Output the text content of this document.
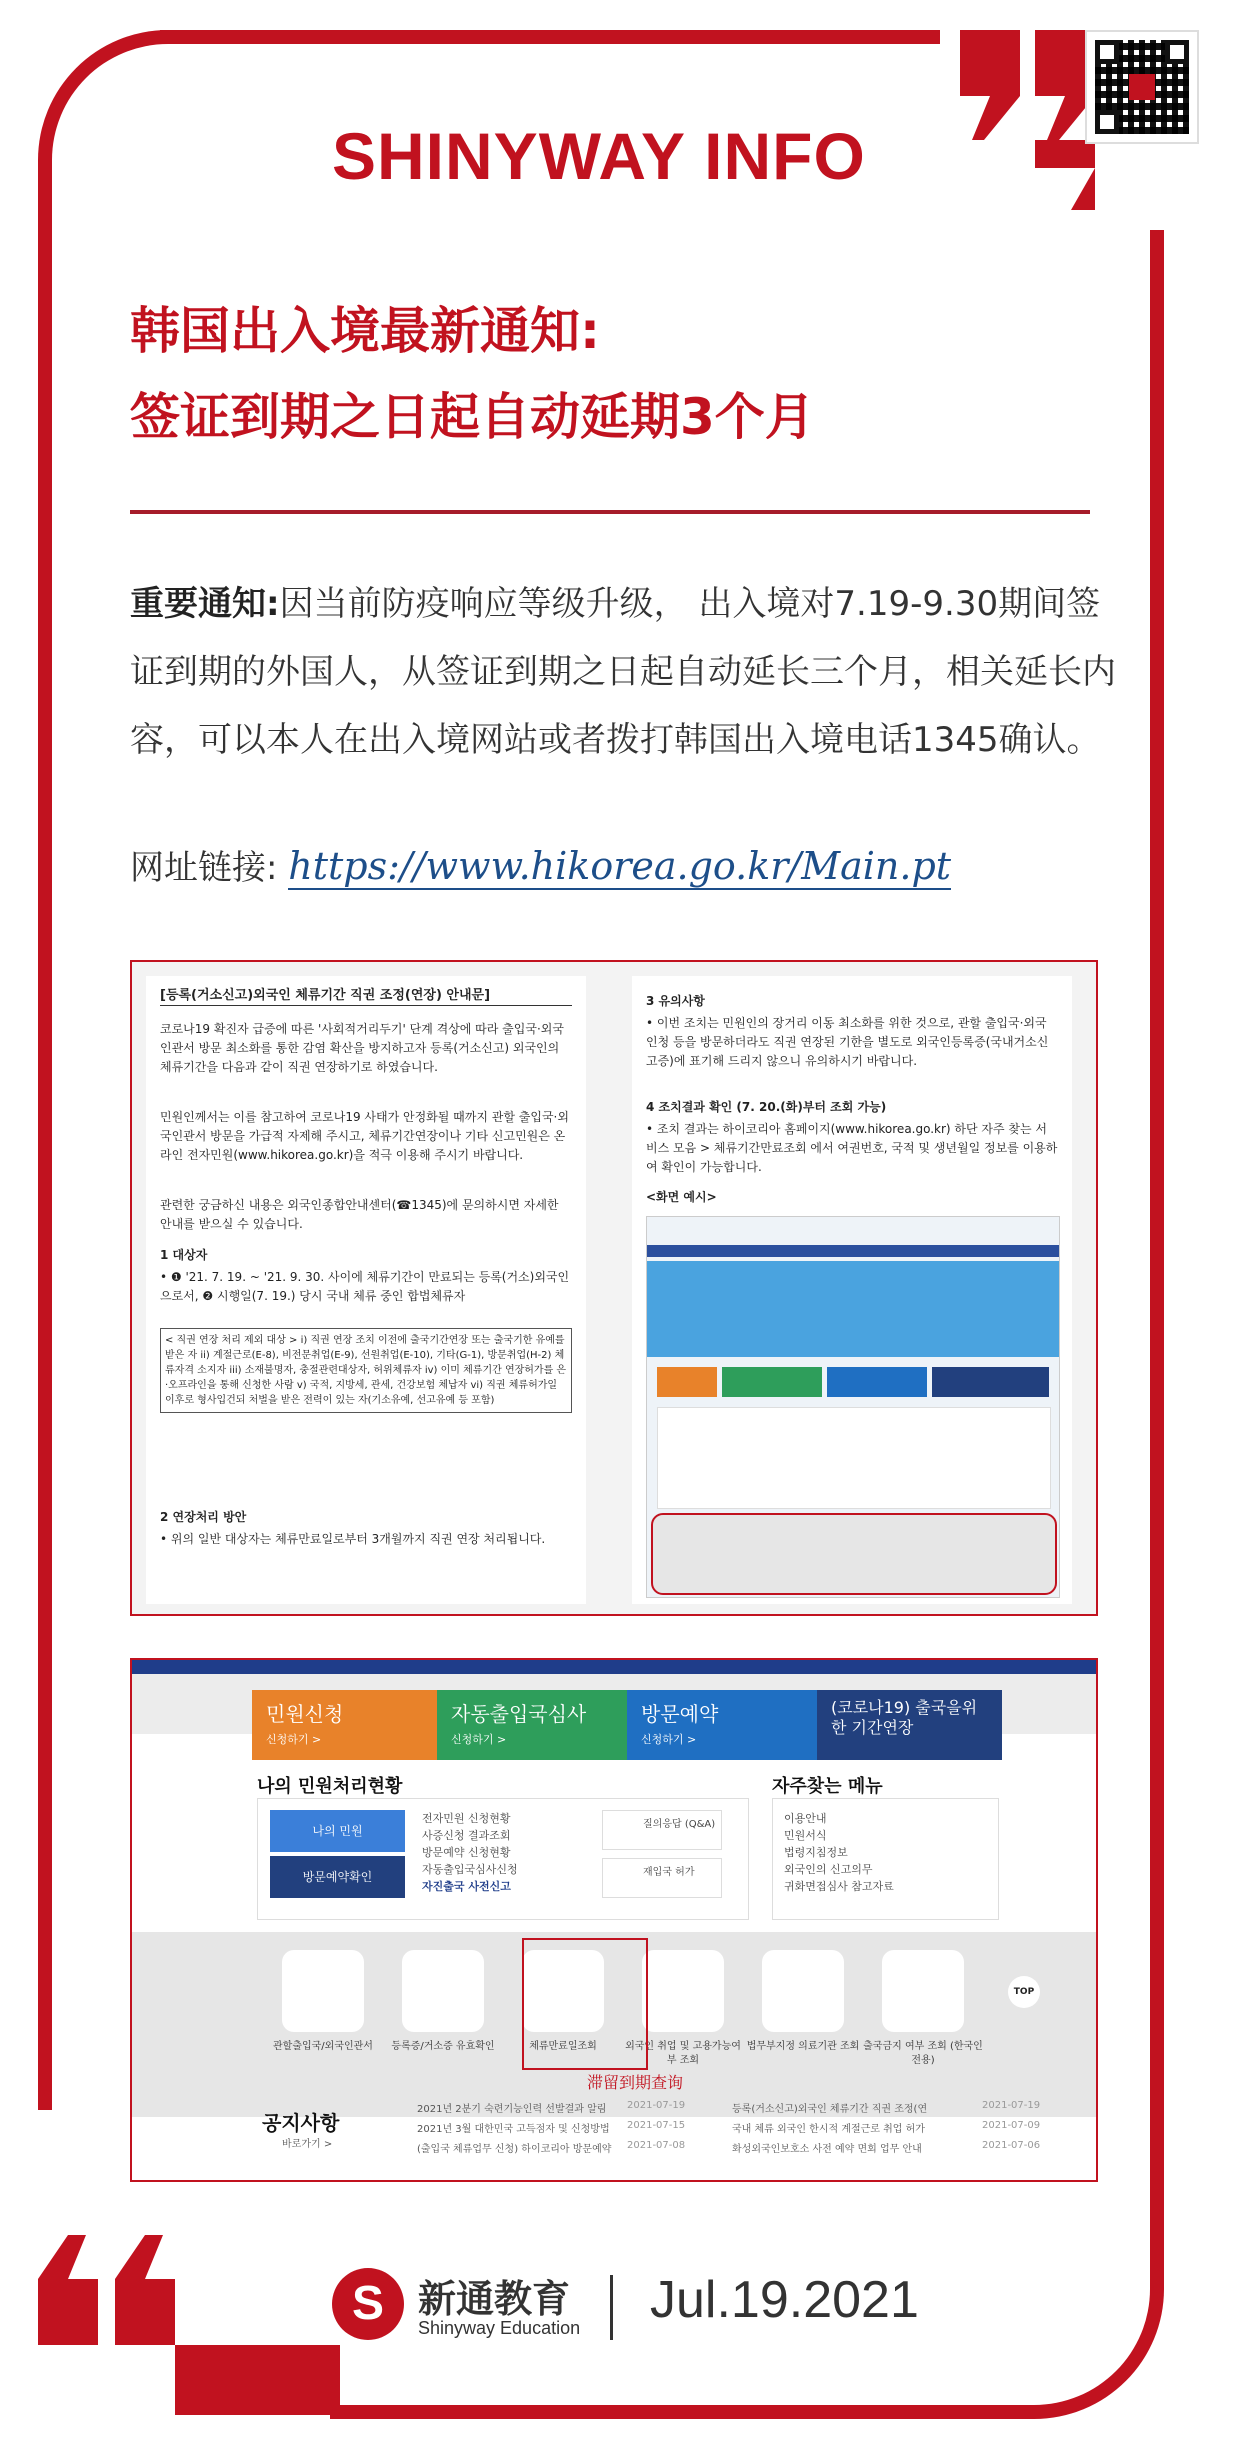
SHINYWAY INFO
韩国出入境最新通知:
签证到期之日起自动延期3个月
重要通知:因当前防疫响应等级升级， 出入境对7.19-9.30期间签证到期的外国人，从签证到期之日起自动延长三个月，相关延长内容，可以本人在出入境网站或者拨打韩国出入境电话1345确认。
网址链接: https://www.hikorea.go.kr/Main.pt
[등록(거소신고)외국인 체류기간 직권 조정(연장) 안내문]
코로나19 확진자 급증에 따른 '사회적거리두기' 단계 격상에 따라 출입국·외국인관서 방문 최소화를 통한 감염 확산을 방지하고자 등록(거소신고) 외국인의 체류기간을 다음과 같이 직권 연장하기로 하였습니다.
민원인께서는 이를 참고하여 코로나19 사태가 안정화될 때까지 관할 출입국·외국인관서 방문을 가급적 자제해 주시고, 체류기간연장이나 기타 신고민원은 온라인 전자민원(www.hikorea.go.kr)을 적극 이용해 주시기 바랍니다.
관련한 궁금하신 내용은 외국인종합안내센터(☎1345)에 문의하시면 자세한 안내를 받으실 수 있습니다.
1 대상자
• ❶ '21. 7. 19. ~ '21. 9. 30. 사이에 체류기간이 만료되는 등록(거소)외국인으로서, ❷ 시행일(7. 19.) 당시 국내 체류 중인 합법체류자
< 직권 연장 처리 제외 대상 > i) 직권 연장 조치 이전에 출국기간연장 또는 출국기한 유예를 받은 자 ii) 계절근로(E-8), 비전문취업(E-9), 선원취업(E-10), 기타(G-1), 방문취업(H-2) 체류자격 소지자 iii) 소재불명자, 충절관련대상자, 허위체류자 iv) 이미 체류기간 연장허가를 은·오프라인을 통해 신청한 사람 v) 국적, 지방세, 관세, 건강보험 체납자 vi) 직권 체류허가일 이후로 형사입건되 처벌을 받은 전력이 있는 자(기소유예, 선고유예 등 포함)
2 연장처리 방안
• 위의 일반 대상자는 체류만료일로부터 3개월까지 직권 연장 처리됩니다.
3 유의사항
• 이번 조치는 민원인의 장거리 이동 최소화를 위한 것으로, 관할 출입국·외국인청 등을 방문하더라도 직권 연장된 기한을 별도로 외국인등록증(국내거소신고증)에 표기해 드리지 않으니 유의하시기 바랍니다.
4 조치결과 확인 (7. 20.(화)부터 조회 가능)
• 조치 결과는 하이코리아 홈페이지(www.hikorea.go.kr) 하단 자주 찾는 서비스 모음 > 체류기간만료조회 에서 여권번호, 국적 및 생년월일 정보를 이용하여 확인이 가능합니다.
<화면 예시>
민원신청
신청하기 >
자동출입국심사
신청하기 >
방문예약
신청하기 >
(코로나19) 출국을위한 기간연장
나의 민원처리현황
나의 민원
방문예약확인
전자민원 신청현황
사증신청 결과조회
방문예약 신청현황
자동출입국심사신청
자진출국 사전신고
질의응답 (Q&A)
재입국 허가
자주찾는 메뉴
이용안내
민원서식
법령지침정보
외국인의 신고의무
귀화면접심사 참고자료
관할출입국/외국인관서	등록증/거소증 유효확인	체류만료일조회	외국인 취업 및 고용가능여부 조회
법무부지정 의료기관 조회 출국금지 여부 조회 (한국인 전용)
TOP
滞留到期查询
공지사항
바로가기 >
2021년 2분기 숙련기능인력 선발결과 알림 2021-07-19
2021년 3월 대한민국 고득점자 및 신청방법 2021-07-15
(출입국 체류업무 신청) 하이코리아 방문예약 2021-07-08
등록(거소신고)외국인 체류기간 직권 조정(연	2021-07-19
국내 체류 외국인 한시적 계절근로 취업 허가	2021-07-09
화성외국인보호소 사전 예약 면회 업무 안내	2021-07-06
S 新通教育
Shinyway Education Jul.19.2021
